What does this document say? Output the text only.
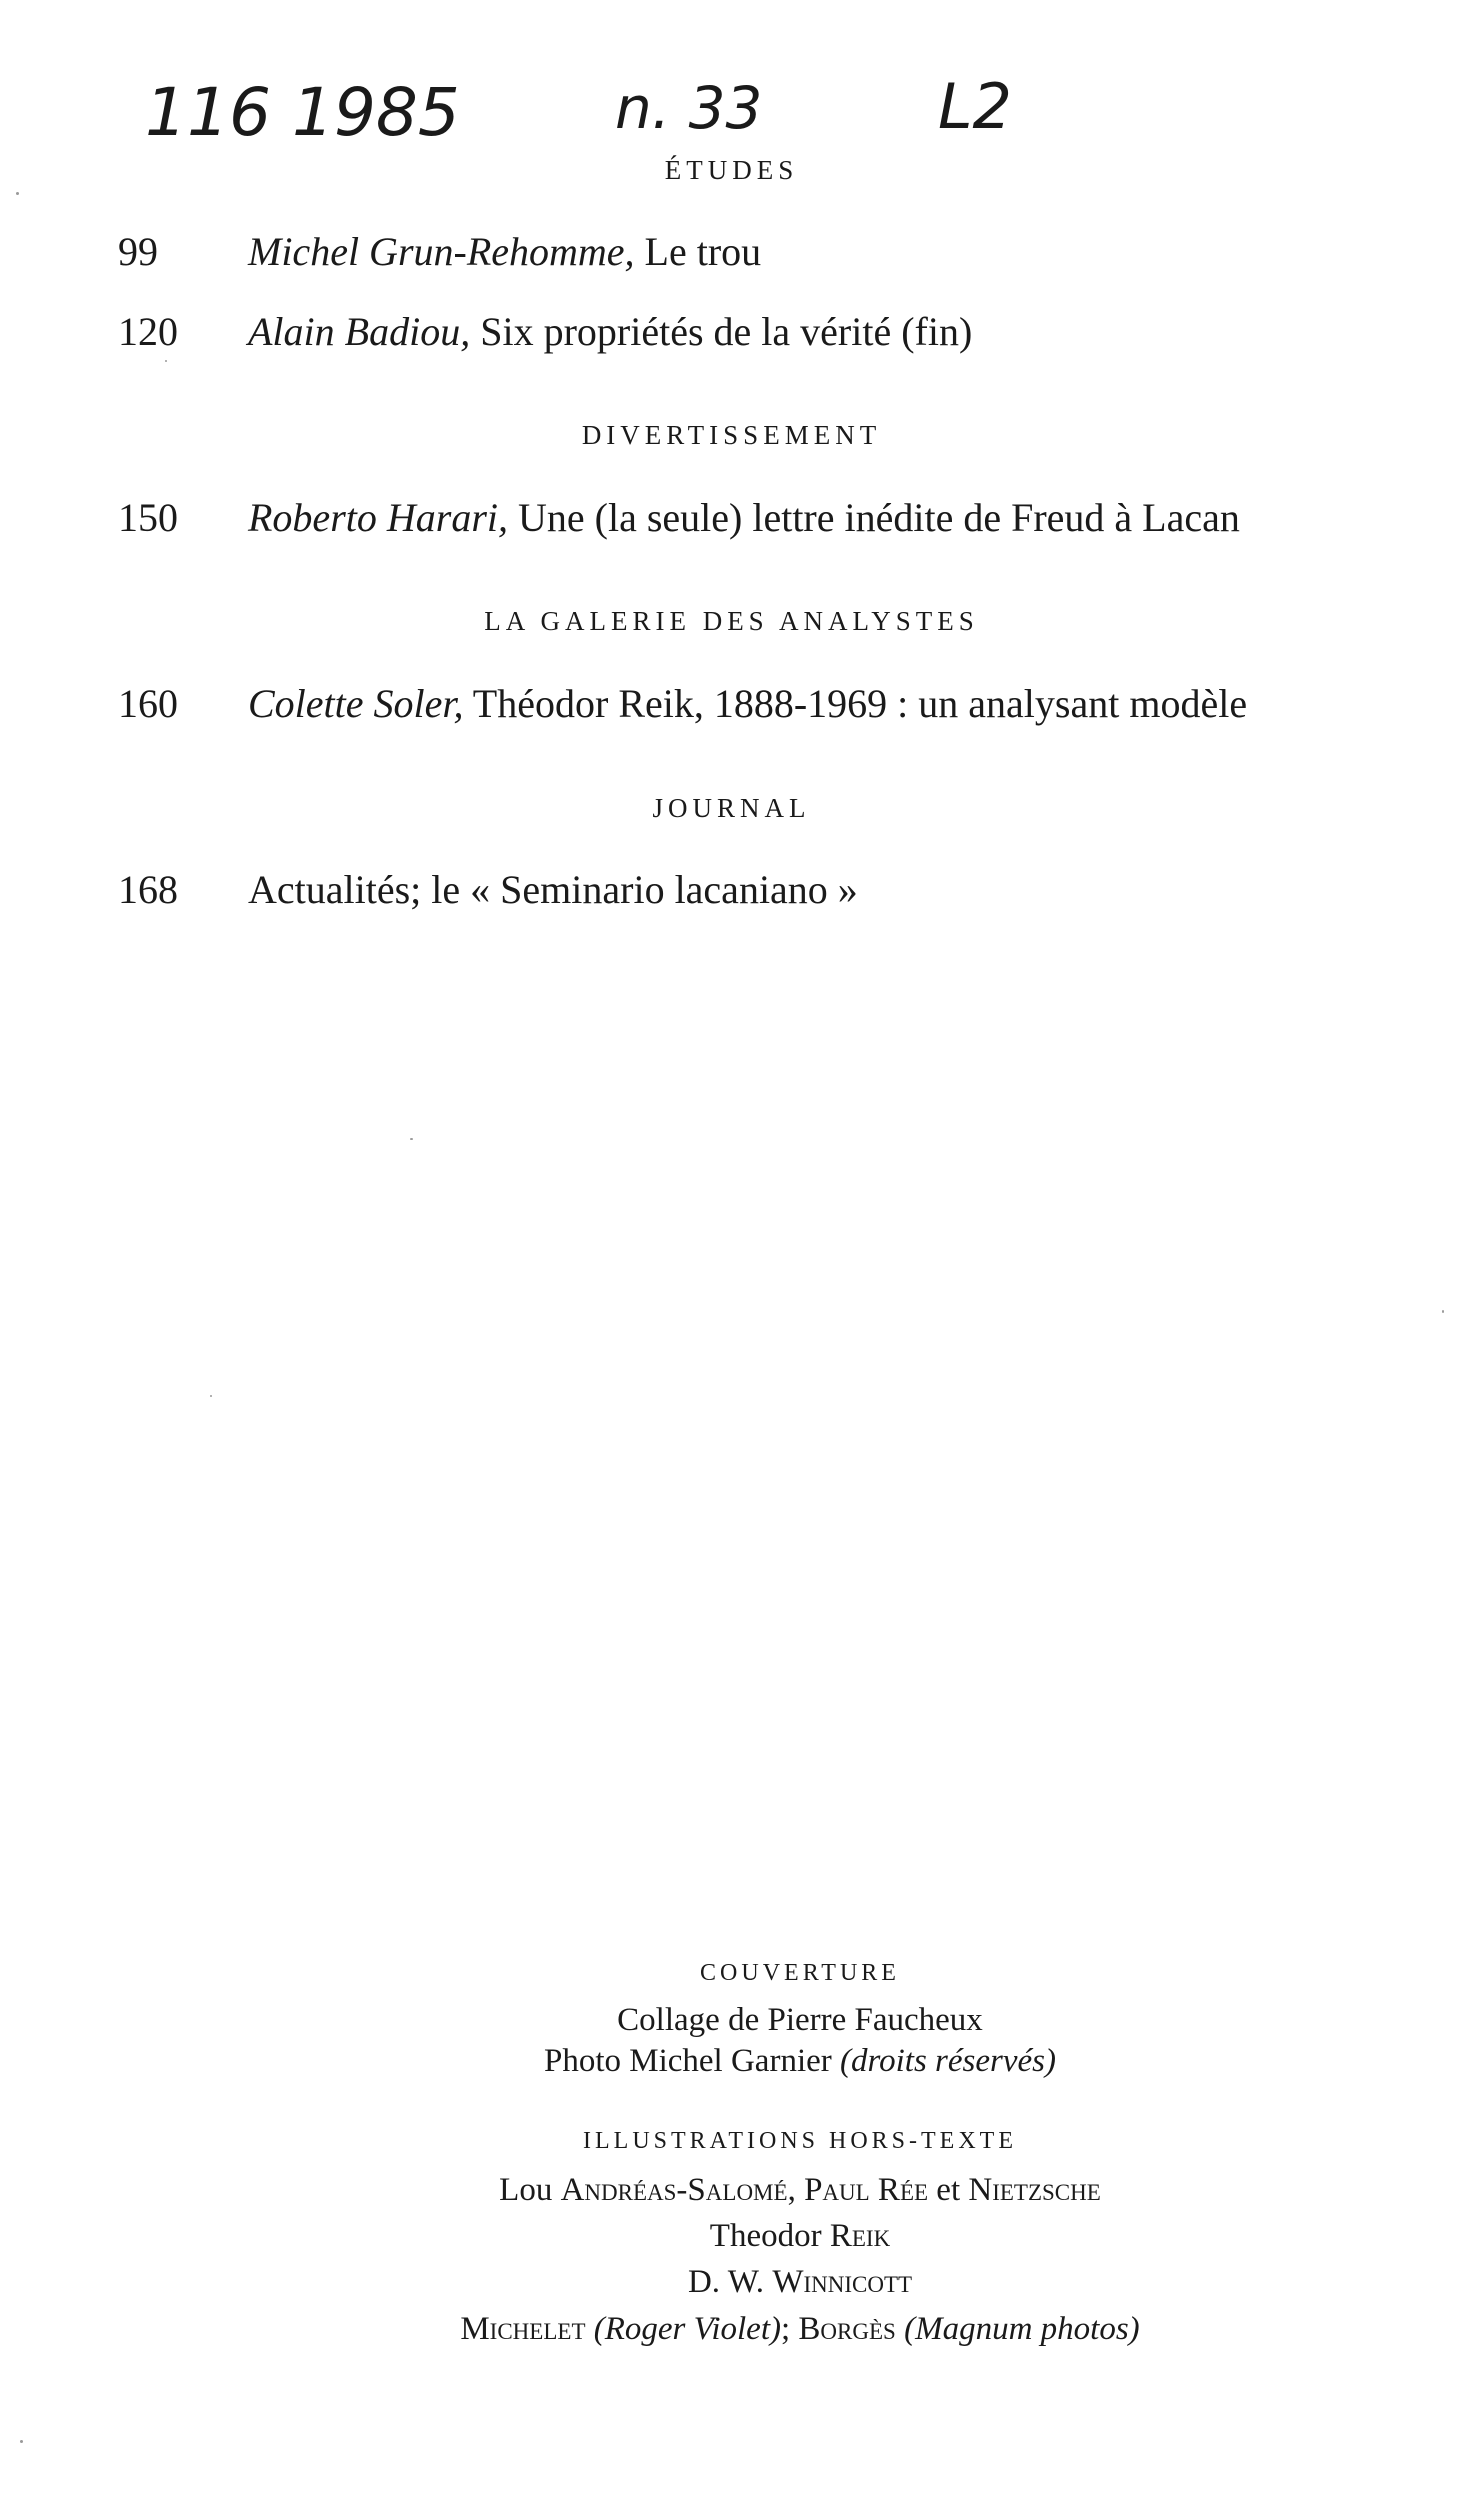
116 1985	n. 33	L2
ÉTUDES
99	Michel Grun-Rehomme, Le trou
120	Alain Badiou, Six propriétés de la vérité (fin)
DIVERTISSEMENT
150	Roberto Harari, Une (la seule) lettre inédite de Freud à Lacan
LA GALERIE DES ANALYSTES
160	Colette Soler, Théodor Reik, 1888-1969 : un analysant modèle
JOURNAL
168	Actualités; le « Seminario lacaniano »
COUVERTURE
Collage de Pierre Faucheux
Photo Michel Garnier (droits réservés)
ILLUSTRATIONS HORS-TEXTE
Lou Andréas-Salomé, Paul Rée et Nietzsche
Theodor Reik
D. W. Winnicott
Michelet (Roger Violet); Borgès (Magnum photos)
